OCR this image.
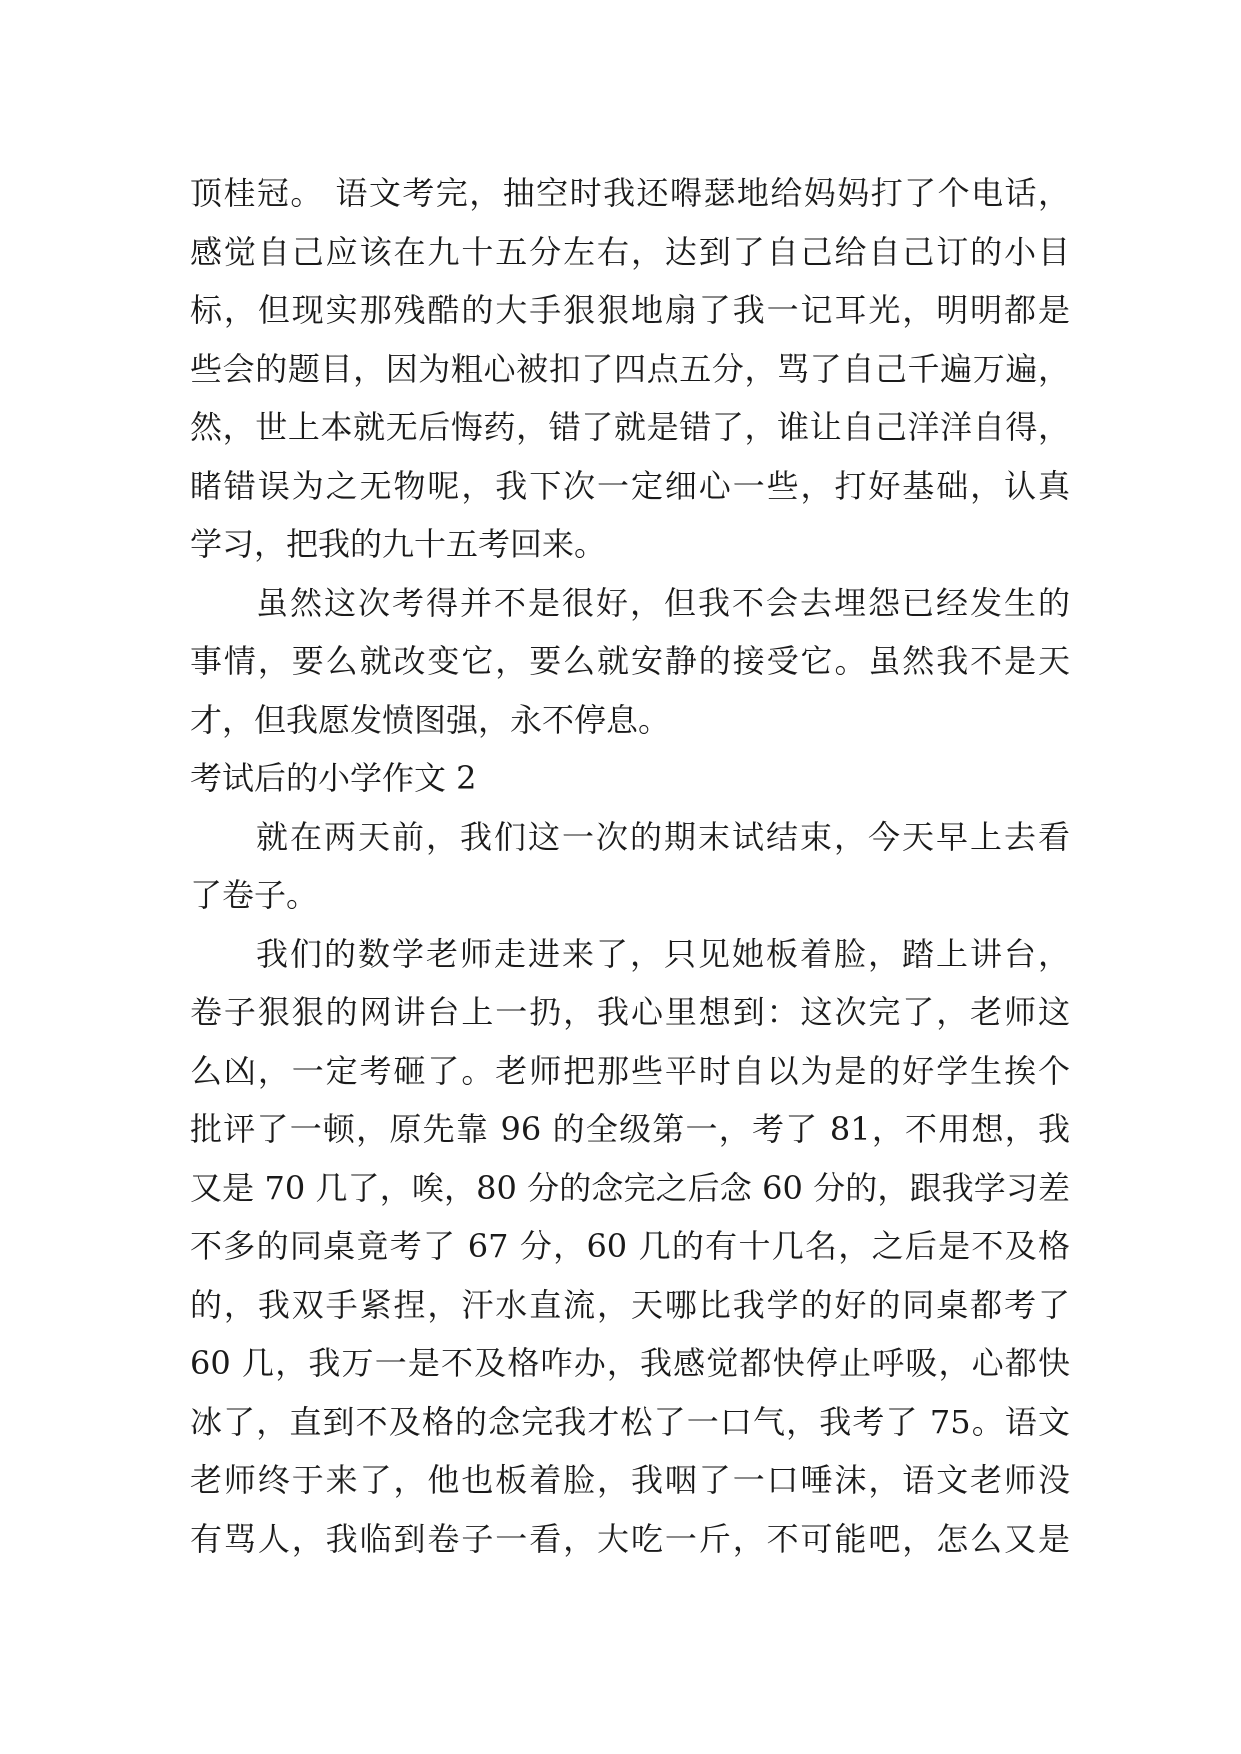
顶桂冠。 语文考完，抽空时我还嘚瑟地给妈妈打了个电话，
感觉自己应该在九十五分左右，达到了自己给自己订的小目
标，但现实那残酷的大手狠狠地扇了我一记耳光，明明都是
些会的题目，因为粗心被扣了四点五分，骂了自己千遍万遍，
然，世上本就无后悔药，错了就是错了，谁让自己洋洋自得，
睹错误为之无物呢，我下次一定细心一些，打好基础，认真
学习，把我的九十五考回来。
虽然这次考得并不是很好，但我不会去埋怨已经发生的
事情，要么就改变它，要么就安静的接受它。虽然我不是天
才，但我愿发愤图强，永不停息。
考试后的小学作文 2
就在两天前，我们这一次的期末试结束，今天早上去看
了卷子。
我们的数学老师走进来了，只见她板着脸，踏上讲台，
卷子狠狠的网讲台上一扔，我心里想到：这次完了，老师这
么凶，一定考砸了。老师把那些平时自以为是的好学生挨个
批评了一顿，原先靠 96 的全级第一，考了 81，不用想，我
又是 70 几了，唉，80 分的念完之后念 60 分的，跟我学习差
不多的同桌竟考了 67 分，60 几的有十几名，之后是不及格
的，我双手紧捏，汗水直流，天哪比我学的好的同桌都考了
60 几，我万一是不及格咋办，我感觉都快停止呼吸，心都快
冰了，直到不及格的念完我才松了一口气，我考了 75。语文
老师终于来了，他也板着脸，我咽了一口唾沫，语文老师没
有骂人，我临到卷子一看，大吃一斤，不可能吧，怎么又是
